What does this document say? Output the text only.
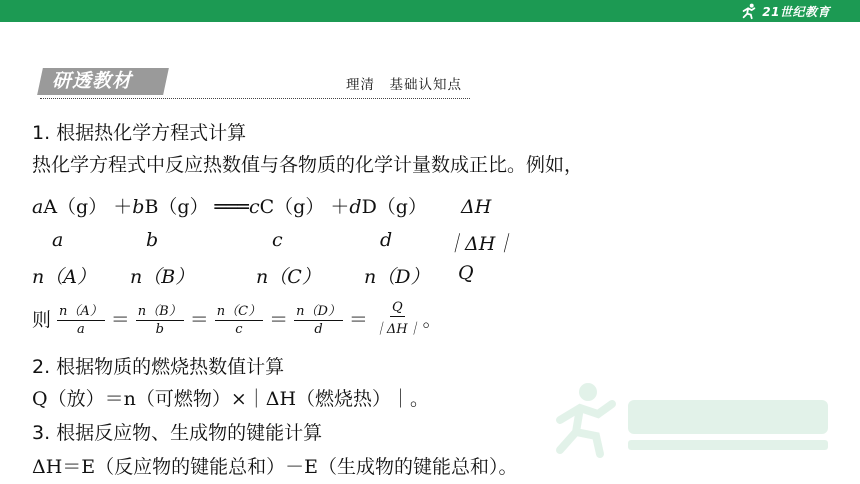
21世纪教育
研透教材	理清　基础认知点
1. 根据热化学方程式计算
热化学方程式中反应热数值与各物质的化学计量数成正比。例如，
aA（g） ＋bB（g） ═══cC（g） ＋dD（g） ΔH
a	b	c	d	｜ΔH｜
n（A） n（B）	n（C） n（D） Q
则 $\frac{n(A)}{a} = \frac{n(B)}{b} = \frac{n(C)}{c} = \frac{n(D)}{d} = \frac{Q}{|\Delta H|}$ 。
2. 根据物质的燃烧热数值计算
Q（放）＝n（可燃物）×｜ΔH（燃烧热）｜。
3. 根据反应物、生成物的键能计算
ΔH＝E（反应物的键能总和）－E（生成物的键能总和）。
